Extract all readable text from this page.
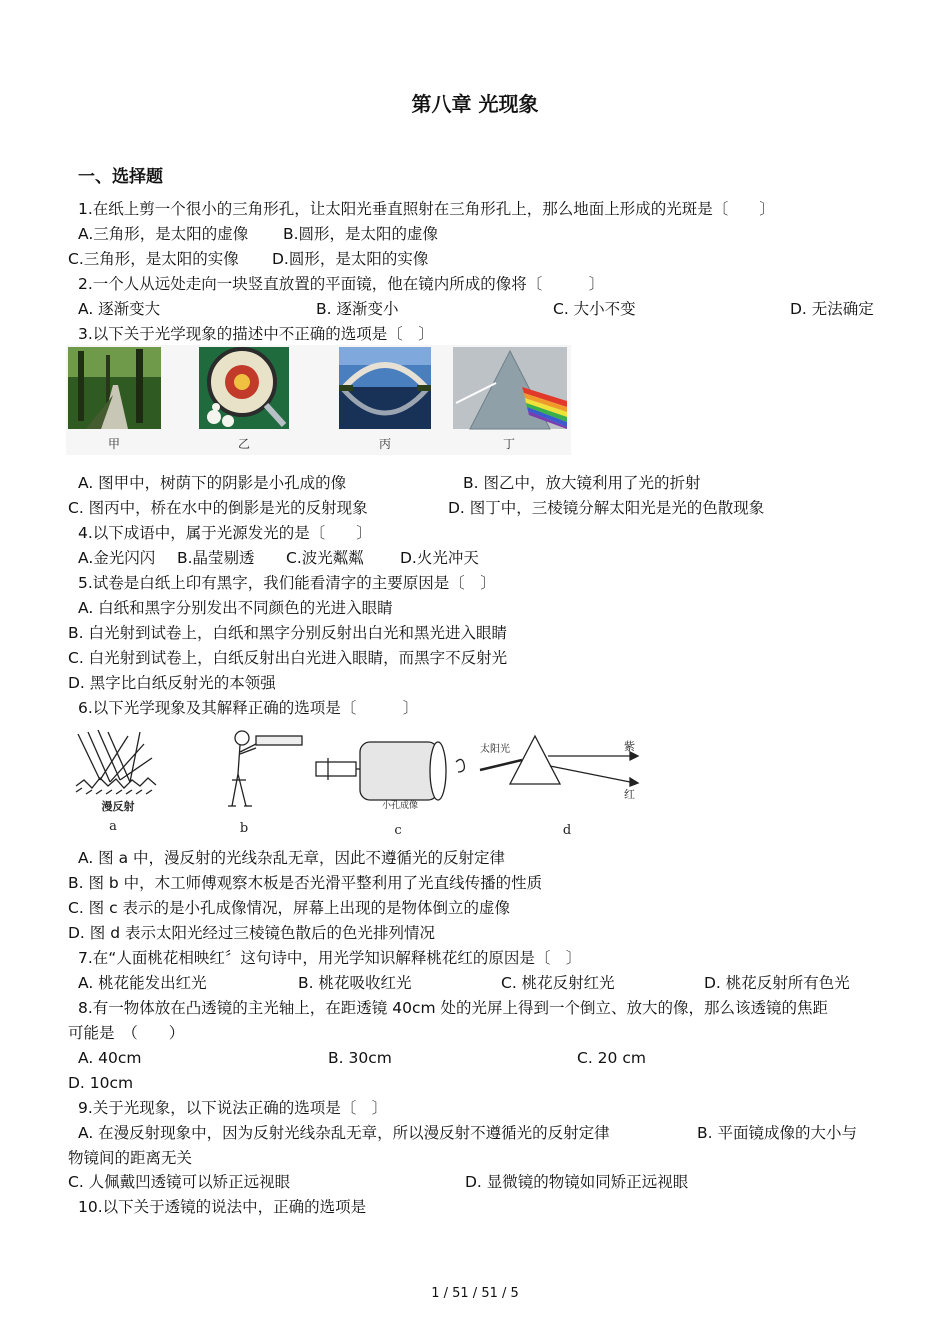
第八章 光现象
一、选择题
1.在纸上剪一个很小的三角形孔，让太阳光垂直照射在三角形孔上，那么地面上形成的光斑是〔　　〕
A.三角形，是太阳的虚像 B.圆形，是太阳的虚像
C.三角形，是太阳的实像 D.圆形，是太阳的实像
2.一个人从远处走向一块竖直放置的平面镜，他在镜内所成的像将〔　　　〕
A. 逐渐变大	B. 逐渐变小	C. 大小不变	D. 无法确定
3.以下关于光学现象的描述中不正确的选项是〔　〕
甲	乙	丙	丁
A. 图甲中，树荫下的阴影是小孔成的像	B. 图乙中，放大镜利用了光的折射
C. 图丙中，桥在水中的倒影是光的反射现象	D. 图丁中，三棱镜分解太阳光是光的色散现象
4.以下成语中，属于光源发光的是〔　　〕
A.金光闪闪 B.晶莹剔透 C.波光粼粼 D.火光冲天
5.试卷是白纸上印有黑字，我们能看清字的主要原因是〔　〕
A. 白纸和黑字分别发出不同颜色的光进入眼睛
B. 白光射到试卷上，白纸和黑字分别反射出白光和黑光进入眼睛
C. 白光射到试卷上，白纸反射出白光进入眼睛，而黑字不反射光
D. 黑字比白纸反射光的本领强
6.以下光学现象及其解释正确的选项是〔　　　〕
漫反射	小孔成像
太阳光	紫
红
a	b	c	d
A. 图 a 中，漫反射的光线杂乱无章，因此不遵循光的反射定律
B. 图 b 中，木工师傅观察木板是否光滑平整利用了光直线传播的性质
C. 图 c 表示的是小孔成像情况，屏幕上出现的是物体倒立的虚像
D. 图 d 表示太阳光经过三棱镜色散后的色光排列情况
7.在“人面桃花相映红〞这句诗中，用光学知识解释桃花红的原因是〔　〕
A. 桃花能发出红光	B. 桃花吸收红光	C. 桃花反射红光	D. 桃花反射所有色光
8.有一物体放在凸透镜的主光轴上，在距透镜 40cm 处的光屏上得到一个倒立、放大的像，那么该透镜的焦距
可能是　（　　）
A. 40cm	B. 30cm	C. 20 cm
D. 10cm
9.关于光现象，以下说法正确的选项是〔　〕
A. 在漫反射现象中，因为反射光线杂乱无章，所以漫反射不遵循光的反射定律	B. 平面镜成像的大小与
物镜间的距离无关
C. 人佩戴凹透镜可以矫正远视眼	D. 显微镜的物镜如同矫正远视眼
10.以下关于透镜的说法中，正确的选项是
1 / 51 / 51 / 5
